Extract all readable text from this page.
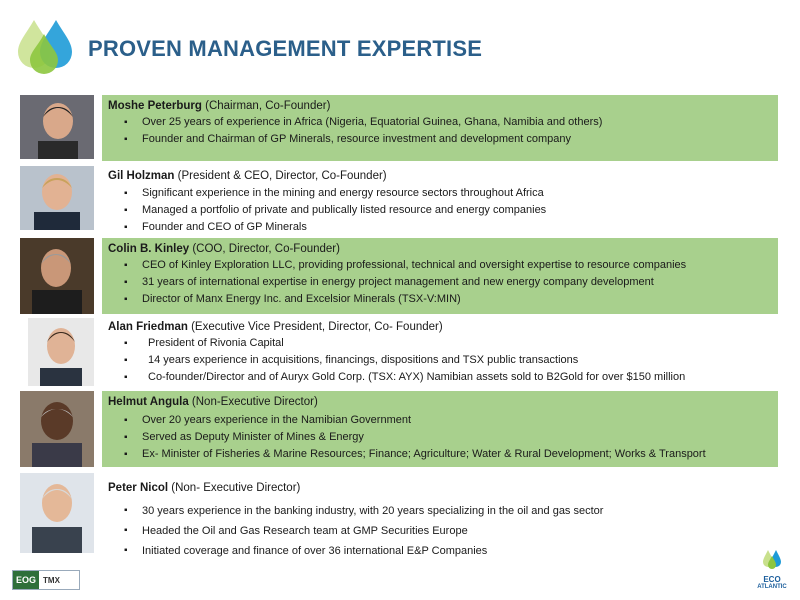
PROVEN MANAGEMENT EXPERTISE
Moshe Peterburg (Chairman, Co-Founder)
▪ Over 25 years of experience in Africa (Nigeria, Equatorial Guinea, Ghana, Namibia and others)
▪ Founder and Chairman of GP Minerals, resource investment and development company
Gil Holzman (President & CEO, Director, Co-Founder)
▪ Significant experience in the mining and energy resource sectors throughout Africa
▪ Managed a portfolio of private and publically listed resource and energy companies
▪ Founder and CEO of GP Minerals
Colin B. Kinley (COO, Director, Co-Founder)
▪ CEO of Kinley Exploration LLC, providing professional, technical and oversight expertise to resource companies
▪ 31 years of international expertise in energy project management and new energy company development
▪ Director of Manx Energy Inc. and Excelsior Minerals (TSX-V:MIN)
Alan Friedman (Executive Vice President, Director, Co- Founder)
▪ President of Rivonia Capital
▪ 14 years experience in acquisitions, financings, dispositions and TSX public transactions
▪ Co-founder/Director and of Auryx Gold Corp. (TSX: AYX) Namibian assets sold to B2Gold for over $150 million
Helmut Angula (Non-Executive Director)
▪ Over 20 years experience in the Namibian Government
▪ Served as Deputy Minister of Mines & Energy
▪ Ex- Minister of Fisheries & Marine Resources; Finance; Agriculture; Water & Rural Development; Works & Transport
Peter Nicol (Non- Executive Director)
▪ 30 years experience in the banking industry, with 20 years specializing in the oil and gas sector
▪ Headed the Oil and Gas Research team at GMP Securities Europe
▪ Initiated coverage and finance of over 36 international E&P Companies
EOG TMX	ECO
ATLANTIC
